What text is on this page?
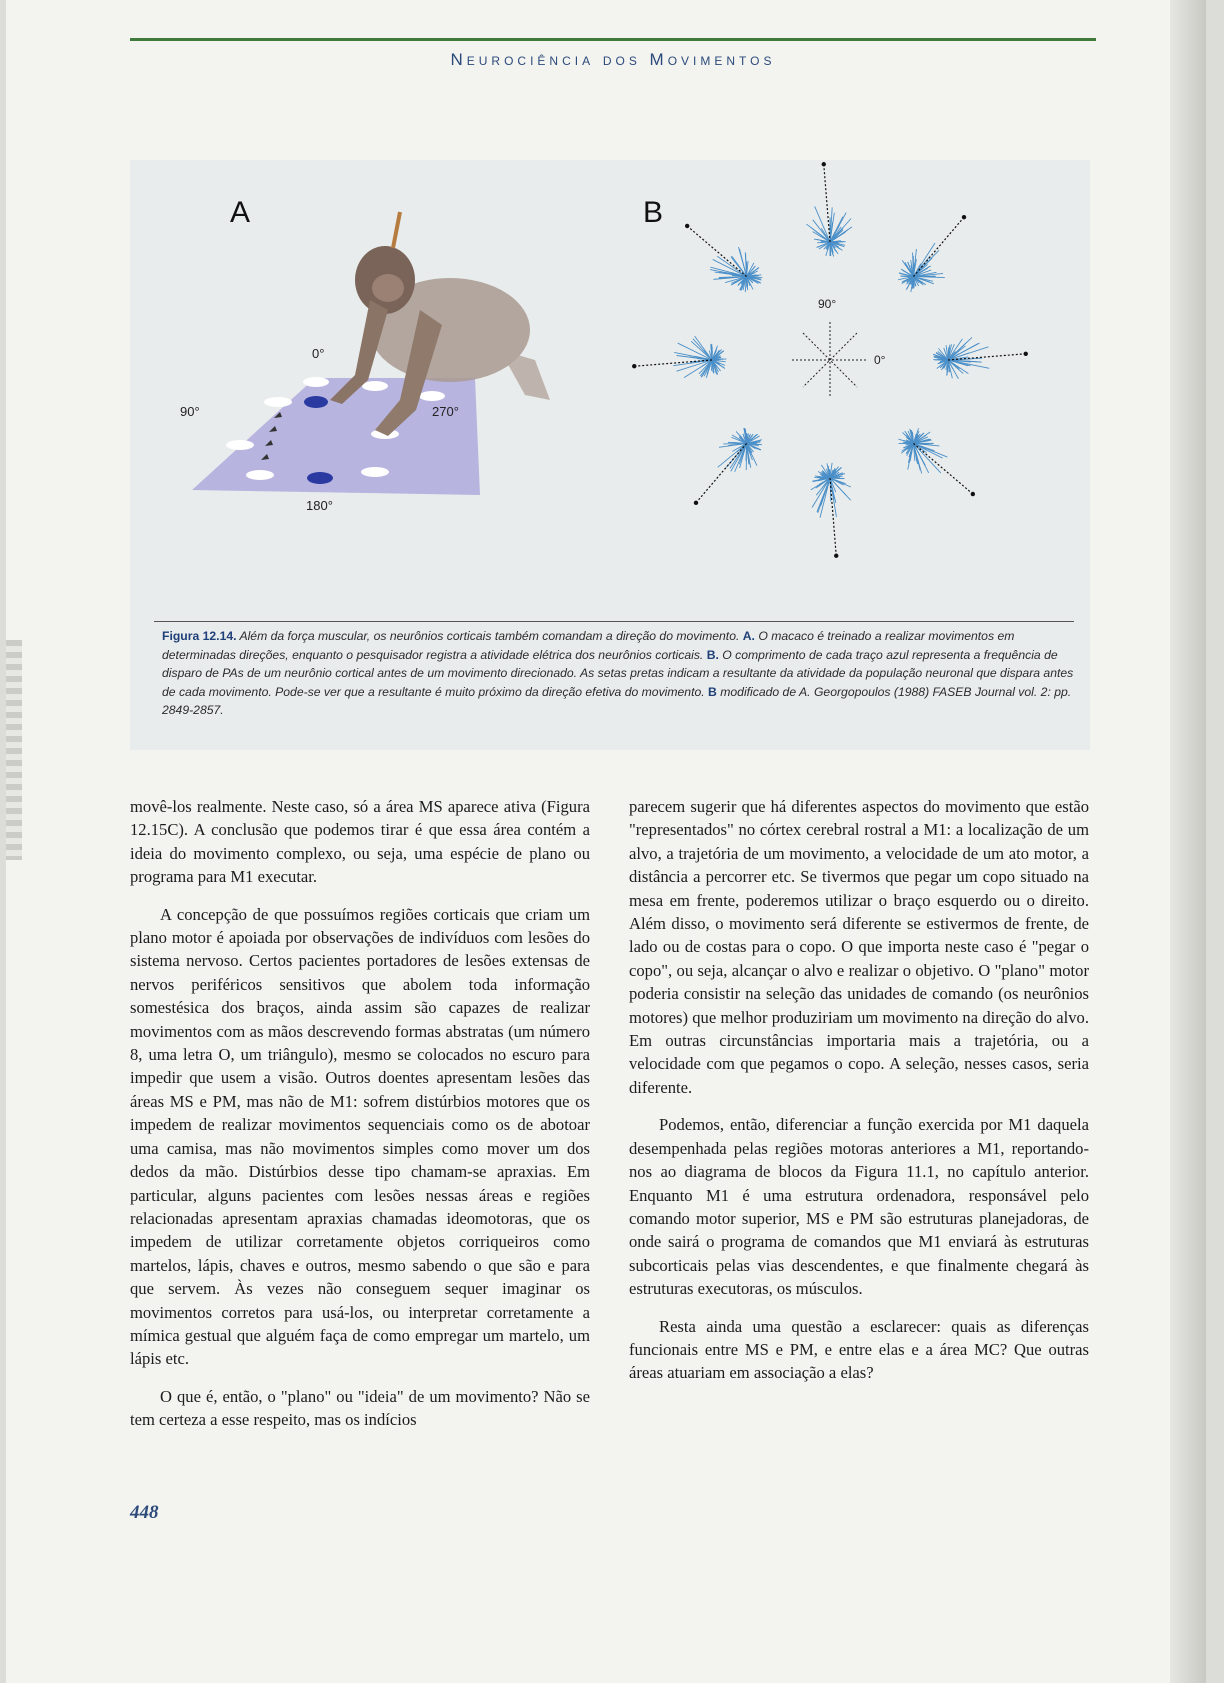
Neurociência dos Movimentos
A
0°
90°	270°
180°
B
90°
0°
Figura 12.14. Além da força muscular, os neurônios corticais também comandam a direção do movimento. A. O macaco é treinado a realizar movimentos em determinadas direções, enquanto o pesquisador registra a atividade elétrica dos neurônios corticais. B. O comprimento de cada traço azul representa a frequência de disparo de PAs de um neurônio cortical antes de um movimento direcionado. As setas pretas indicam a resultante da atividade da população neuronal que dispara antes de cada movimento. Pode-se ver que a resultante é muito próximo da direção efetiva do movimento. B modificado de A. Georgopoulos (1988) FASEB Journal vol. 2: pp. 2849-2857.

movê-los realmente. Neste caso, só a área MS aparece ativa (Figura 12.15C). A conclusão que podemos tirar é que essa área contém a ideia do movimento complexo, ou seja, uma espécie de plano ou programa para M1 executar.

A concepção de que possuímos regiões corticais que criam um plano motor é apoiada por observações de indivíduos com lesões do sistema nervoso. Certos pacientes portadores de lesões extensas de nervos periféricos sensitivos que abolem toda informação somestésica dos braços, ainda assim são capazes de realizar movimentos com as mãos descrevendo formas abstratas (um número 8, uma letra O, um triângulo), mesmo se colocados no escuro para impedir que usem a visão. Outros doentes apresentam lesões das áreas MS e PM, mas não de M1: sofrem distúrbios motores que os impedem de realizar movimentos sequenciais como os de abotoar uma camisa, mas não movimentos simples como mover um dos dedos da mão. Distúrbios desse tipo chamam-se apraxias. Em particular, alguns pacientes com lesões nessas áreas e regiões relacionadas apresentam apraxias chamadas ideomotoras, que os impedem de utilizar corretamente objetos corriqueiros como martelos, lápis, chaves e outros, mesmo sabendo o que são e para que servem. Às vezes não conseguem sequer imaginar os movimentos corretos para usá-los, ou interpretar corretamente a mímica gestual que alguém faça de como empregar um martelo, um lápis etc.

O que é, então, o "plano" ou "ideia" de um movimento? Não se tem certeza a esse respeito, mas os indícios

parecem sugerir que há diferentes aspectos do movimento que estão "representados" no córtex cerebral rostral a M1: a localização de um alvo, a trajetória de um movimento, a velocidade de um ato motor, a distância a percorrer etc. Se tivermos que pegar um copo situado na mesa em frente, poderemos utilizar o braço esquerdo ou o direito. Além disso, o movimento será diferente se estivermos de frente, de lado ou de costas para o copo. O que importa neste caso é "pegar o copo", ou seja, alcançar o alvo e realizar o objetivo. O "plano" motor poderia consistir na seleção das unidades de comando (os neurônios motores) que melhor produziriam um movimento na direção do alvo. Em outras circunstâncias importaria mais a trajetória, ou a velocidade com que pegamos o copo. A seleção, nesses casos, seria diferente.

Podemos, então, diferenciar a função exercida por M1 daquela desempenhada pelas regiões motoras anteriores a M1, reportando-nos ao diagrama de blocos da Figura 11.1, no capítulo anterior. Enquanto M1 é uma estrutura ordenadora, responsável pelo comando motor superior, MS e PM são estruturas planejadoras, de onde sairá o programa de comandos que M1 enviará às estruturas subcorticais pelas vias descendentes, e que finalmente chegará às estruturas executoras, os músculos.

Resta ainda uma questão a esclarecer: quais as diferenças funcionais entre MS e PM, e entre elas e a área MC? Que outras áreas atuariam em associação a elas?

448
